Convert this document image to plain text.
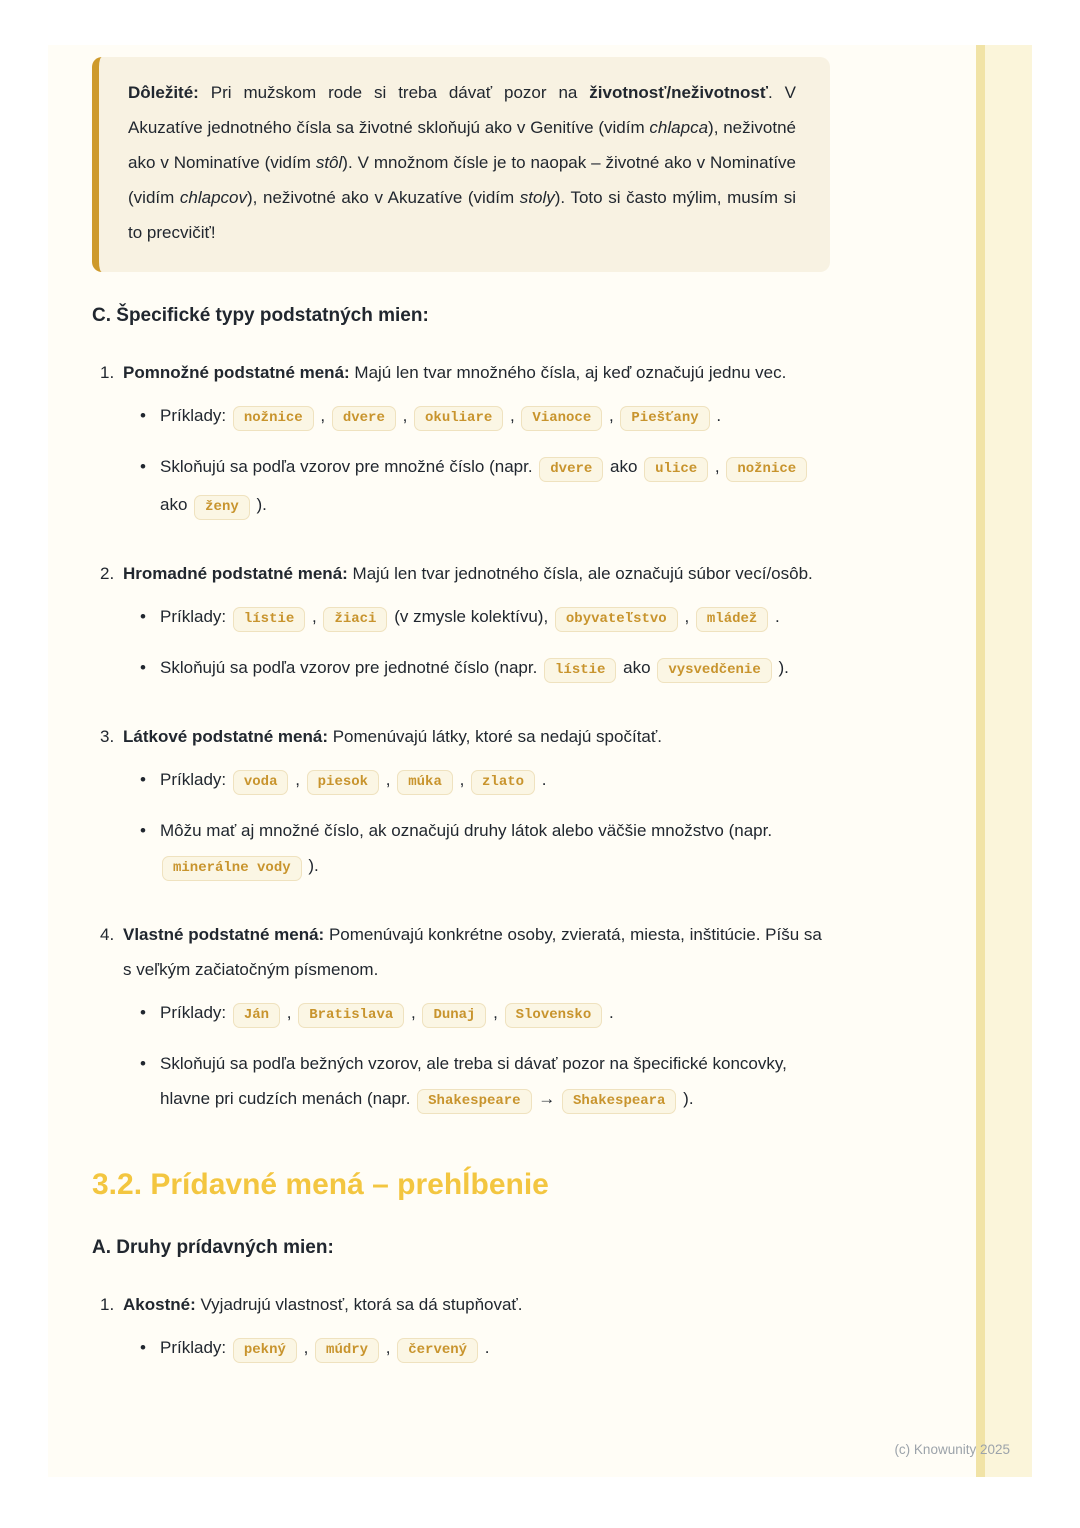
Dôležité: Pri mužskom rode si treba dávať pozor na životnosť/neživotnosť. V Akuzatíve jednotného čísla sa životné skloňujú ako v Genitíve (vidím chlapca), neživotné ako v Nominatíve (vidím stôl). V množnom čísle je to naopak – životné ako v Nominatíve (vidím chlapcov), neživotné ako v Akuzatíve (vidím stoly). Toto si často mýlim, musím si to precvičiť!
C. Špecifické typy podstatných mien:
1. Pomnožné podstatné mená: Majú len tvar množného čísla, aj keď označujú jednu vec.
• Príklady: nožnice , dvere , okuliare , Vianoce , Piešťany .
• Skloňujú sa podľa vzorov pre množné číslo (napr. dvere ako ulice , nožnice ako ženy ).
2. Hromadné podstatné mená: Majú len tvar jednotného čísla, ale označujú súbor vecí/osôb.
• Príklady: lístie , žiaci (v zmysle kolektívu), obyvateľstvo , mládež .
• Skloňujú sa podľa vzorov pre jednotné číslo (napr. lístie ako vysvedčenie ).
3. Látkové podstatné mená: Pomenúvajú látky, ktoré sa nedajú spočítať.
• Príklady: voda , piesok , múka , zlato .
• Môžu mať aj množné číslo, ak označujú druhy látok alebo väčšie množstvo (napr. minerálne vody ).
4. Vlastné podstatné mená: Pomenúvajú konkrétne osoby, zvieratá, miesta, inštitúcie. Píšu sa s veľkým začiatočným písmenom.
• Príklady: Ján , Bratislava , Dunaj , Slovensko .
• Skloňujú sa podľa bežných vzorov, ale treba si dávať pozor na špecifické koncovky, hlavne pri cudzích menách (napr. Shakespeare → Shakespeara ).
3.2. Prídavné mená – prehĺbenie
A. Druhy prídavných mien:
1. Akostné: Vyjadrujú vlastnosť, ktorá sa dá stupňovať.
• Príklady: pekný , múdry , červený .
(c) Knowunity 2025
